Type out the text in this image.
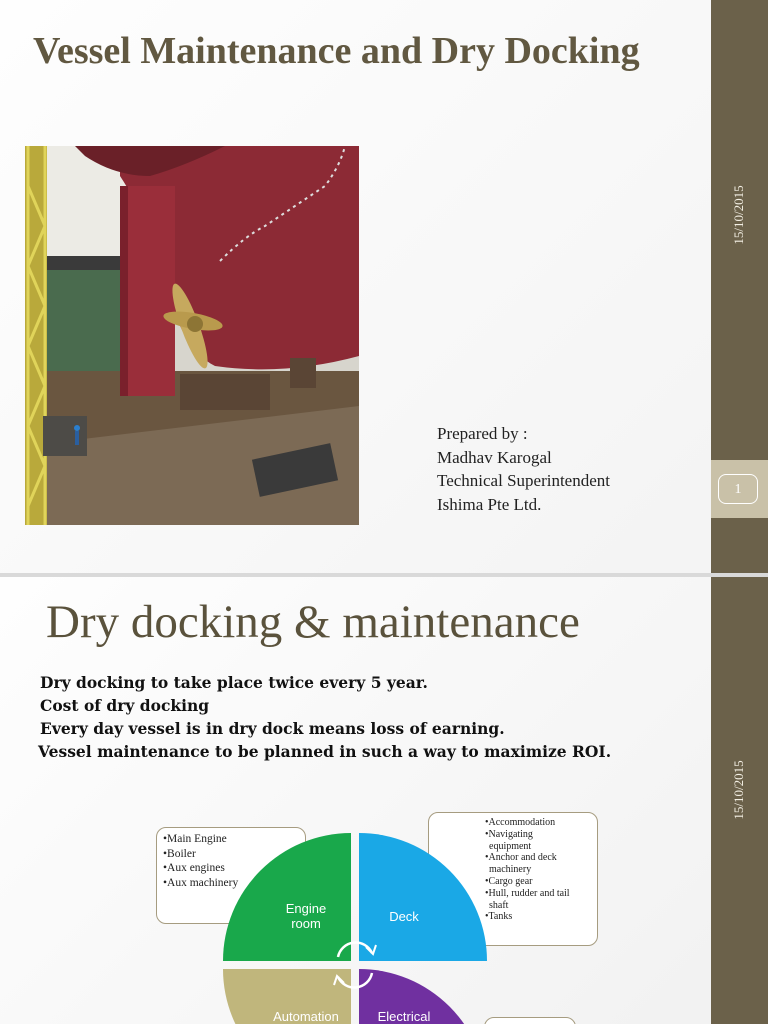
Vessel Maintenance and Dry Docking
Prepared by :
Madhav Karogal
Technical Superintendent
Ishima Pte Ltd.
15/10/2015
1
Dry docking & maintenance
Dry docking to take place twice every 5 year.
Cost of dry docking
Every day vessel is in dry dock means loss of earning.
Vessel maintenance to be planned in such a way to maximize ROI.
•Main Engine
•Boiler
•Aux engines
•Aux machinery
•Accommodation
•Navigating
equipment
•Anchor and deck
machinery
•Cargo gear
•Hull, rudder and tail
shaft
•Tanks
Engine
room	Deck
Automation	Electrical
15/10/2015
